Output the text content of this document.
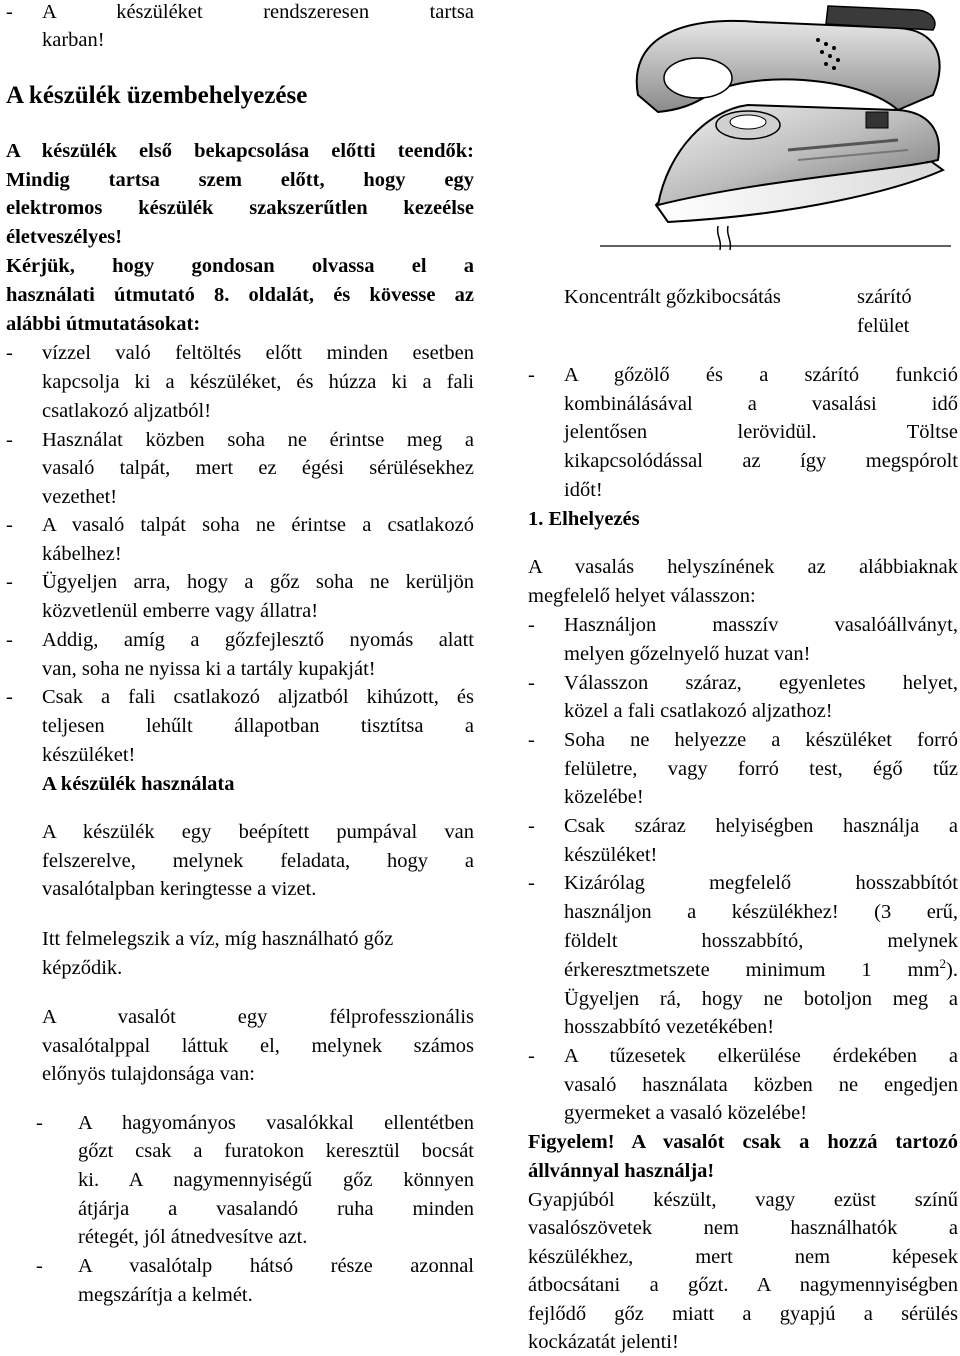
- A készüléket rendszeresen tartsa
karban!
A készülék üzembehelyezése
A készülék első bekapcsolása előtti teendők:
Mindig tartsa szem előtt, hogy egy
elektromos készülék szakszerűtlen kezeélse
életveszélyes!
Kérjük, hogy gondosan olvassa el a
használati útmutató 8. oldalát, és kövesse az
alábbi útmutatásokat:
- vízzel való feltöltés előtt minden esetben
kapcsolja ki a készüléket, és húzza ki a fali
csatlakozó aljzatból!
- Használat közben soha ne érintse meg a
vasaló talpát, mert ez égési sérülésekhez
vezethet!
- A vasaló talpát soha ne érintse a csatlakozó
kábelhez!
- Ügyeljen arra, hogy a gőz soha ne kerüljön
közvetlenül emberre vagy állatra!
- Addig, amíg a gőzfejlesztő nyomás alatt
van, soha ne nyissa ki a tartály kupakját!
- Csak a fali csatlakozó aljzatból kihúzott, és
teljesen lehűlt állapotban tisztítsa a
készüléket!
A készülék használata
A készülék egy beépített pumpával van
felszerelve, melynek feladata, hogy a
vasalótalpban keringtesse a vizet.
Itt felmelegszik a víz, míg használható gőz
képződik.
A vasalót egy félprofesszionális
vasalótalppal láttuk el, melynek számos
előnyös tulajdonsága van:
- A hagyományos vasalókkal ellentétben
gőzt csak a furatokon keresztül bocsát
ki. A nagymennyiségű gőz könnyen
átjárja a vasalandó ruha minden
rétegét, jól átnedvesítve azt.
- A vasalótalp hátsó része azonnal
megszárítja a kelmét.
Koncentrált gőzkibocsátás	szárító
felület
- A gőzölő és a szárító funkció
kombinálásával a vasalási idő
jelentősen lerövidül. Töltse
kikapcsolódással az így megspórolt
időt!
1. Elhelyezés
A vasalás helyszínének az alábbiaknak
megfelelő helyet válasszon:
- Használjon masszív vasalóállványt,
melyen gőzelnyelő huzat van!
- Válasszon száraz, egyenletes helyet,
közel a fali csatlakozó aljzathoz!
- Soha ne helyezze a készüléket forró
felületre, vagy forró test, égő tűz
közelébe!
- Csak száraz helyiségben használja a
készüléket!
- Kizárólag megfelelő hosszabbítót
használjon a készülékhez! (3 erű,
földelt hosszabbító, melynek
érkeresztmetszete minimum 1 $mm^2$).
Ügyeljen rá, hogy ne botoljon meg a
hosszabbító vezetékében!
- A tűzesetek elkerülése érdekében a
vasaló használata közben ne engedjen
gyermeket a vasaló közelébe!
Figyelem! A vasalót csak a hozzá tartozó
állvánnyal használja!
Gyapjúból készült, vagy ezüst színű
vasalószövetek nem használhatók a
készülékhez, mert nem képesek
átbocsátani a gőzt. A nagymennyiségben
fejlődő gőz miatt a gyapjú a sérülés
kockázatát jelenti!
